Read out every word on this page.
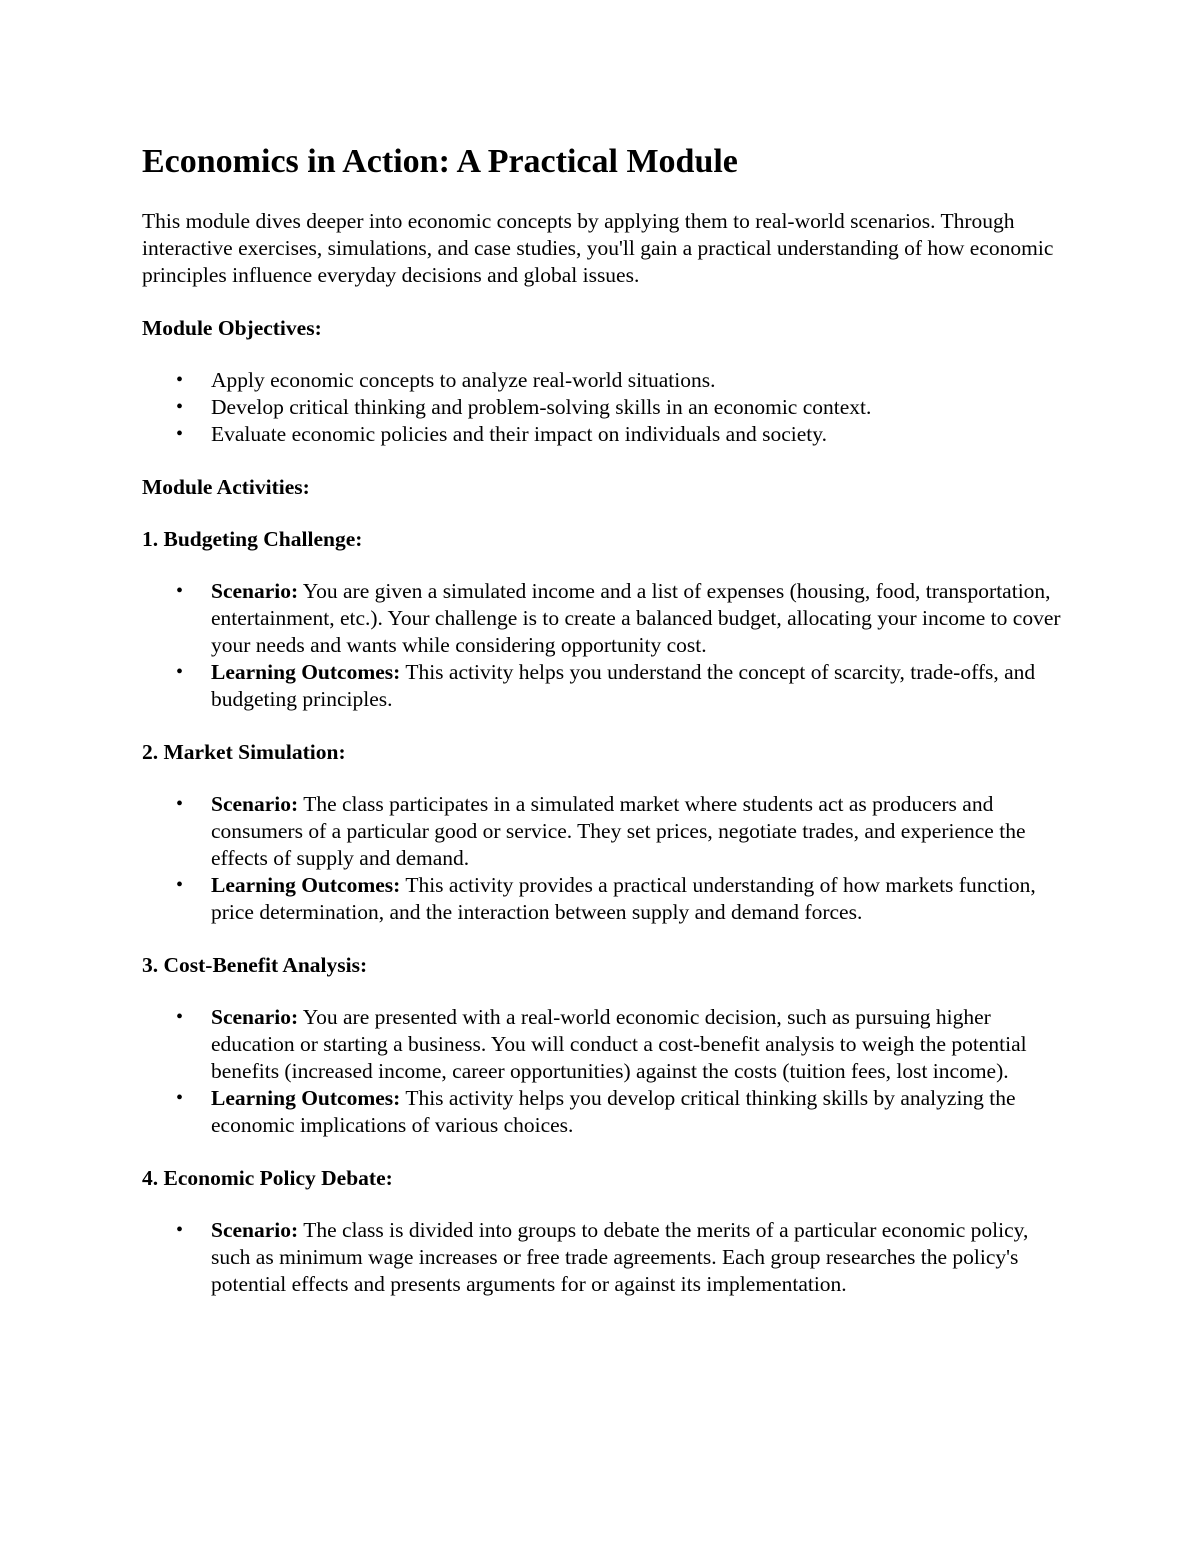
Economics in Action: A Practical Module

This module dives deeper into economic concepts by applying them to real-world scenarios. Through interactive exercises, simulations, and case studies, you'll gain a practical understanding of how economic principles influence everyday decisions and global issues.

Module Objectives:
• Apply economic concepts to analyze real-world situations.
• Develop critical thinking and problem-solving skills in an economic context.
• Evaluate economic policies and their impact on individuals and society.
Module Activities:
1. Budgeting Challenge:
• Scenario: You are given a simulated income and a list of expenses (housing, food, transportation, entertainment, etc.). Your challenge is to create a balanced budget, allocating your income to cover your needs and wants while considering opportunity cost.
• Learning Outcomes: This activity helps you understand the concept of scarcity, trade-offs, and budgeting principles.
2. Market Simulation:
• Scenario: The class participates in a simulated market where students act as producers and consumers of a particular good or service. They set prices, negotiate trades, and experience the effects of supply and demand.
• Learning Outcomes: This activity provides a practical understanding of how markets function, price determination, and the interaction between supply and demand forces.
3. Cost-Benefit Analysis:
• Scenario: You are presented with a real-world economic decision, such as pursuing higher education or starting a business. You will conduct a cost-benefit analysis to weigh the potential benefits (increased income, career opportunities) against the costs (tuition fees, lost income).
• Learning Outcomes: This activity helps you develop critical thinking skills by analyzing the economic implications of various choices.
4. Economic Policy Debate:
• Scenario: The class is divided into groups to debate the merits of a particular economic policy, such as minimum wage increases or free trade agreements. Each group researches the policy's potential effects and presents arguments for or against its implementation.
